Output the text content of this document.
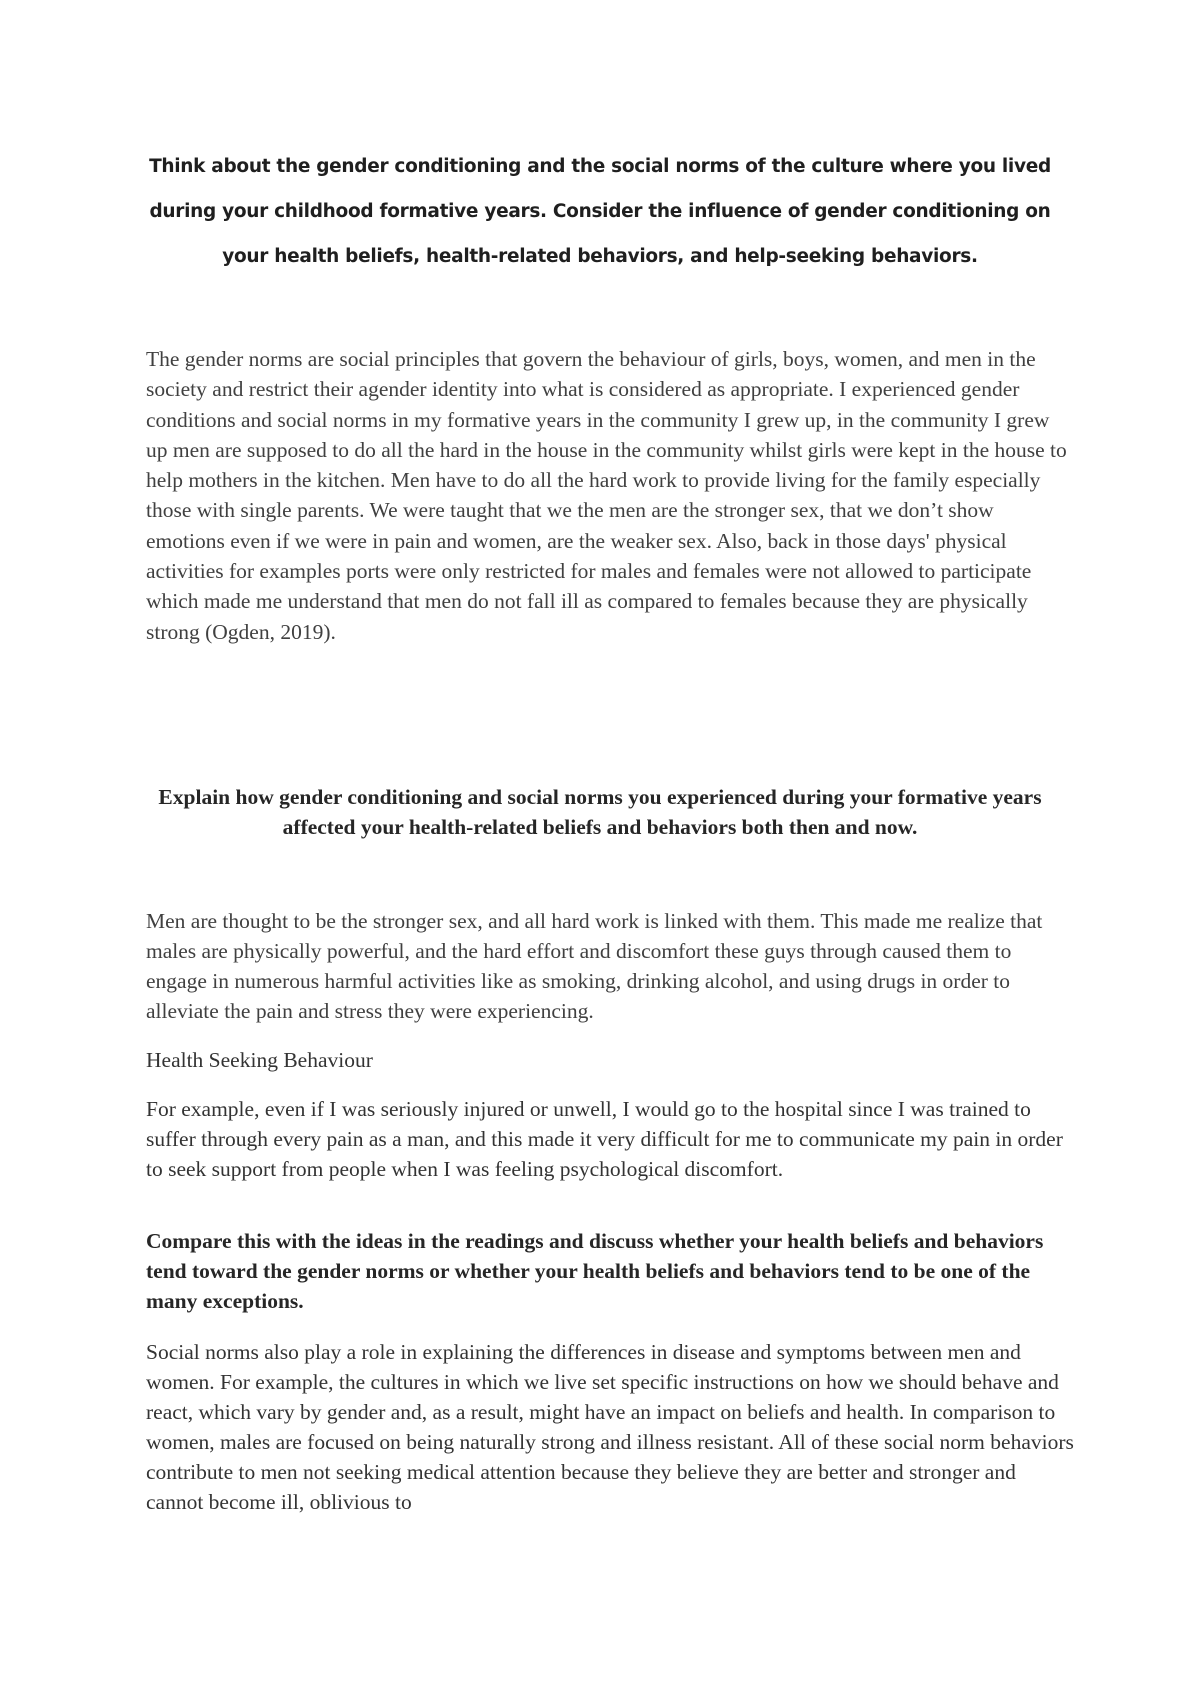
Think about the gender conditioning and the social norms of the culture where you lived during your childhood formative years. Consider the influence of gender conditioning on your health beliefs, health-related behaviors, and help-seeking behaviors.

The gender norms are social principles that govern the behaviour of girls, boys, women, and men in the society and restrict their agender identity into what is considered as appropriate. I experienced gender conditions and social norms in my formative years in the community I grew up, in the community I grew up men are supposed to do all the hard in the house in the community whilst girls were kept in the house to help mothers in the kitchen. Men have to do all the hard work to provide living for the family especially those with single parents. We were taught that we the men are the stronger sex, that we don’t show emotions even if we were in pain and women, are the weaker sex. Also, back in those days' physical activities for examples ports were only restricted for males and females were not allowed to participate which made me understand that men do not fall ill as compared to females because they are physically strong (Ogden, 2019).

Explain how gender conditioning and social norms you experienced during your formative years affected your health-related beliefs and behaviors both then and now.

Men are thought to be the stronger sex, and all hard work is linked with them. This made me realize that males are physically powerful, and the hard effort and discomfort these guys through caused them to engage in numerous harmful activities like as smoking, drinking alcohol, and using drugs in order to alleviate the pain and stress they were experiencing.

Health Seeking Behaviour

For example, even if I was seriously injured or unwell, I would go to the hospital since I was trained to suffer through every pain as a man, and this made it very difficult for me to communicate my pain in order to seek support from people when I was feeling psychological discomfort.

Compare this with the ideas in the readings and discuss whether your health beliefs and behaviors tend toward the gender norms or whether your health beliefs and behaviors tend to be one of the many exceptions.

Social norms also play a role in explaining the differences in disease and symptoms between men and women. For example, the cultures in which we live set specific instructions on how we should behave and react, which vary by gender and, as a result, might have an impact on beliefs and health. In comparison to women, males are focused on being naturally strong and illness resistant. All of these social norm behaviors contribute to men not seeking medical attention because they believe they are better and stronger and cannot become ill, oblivious to
